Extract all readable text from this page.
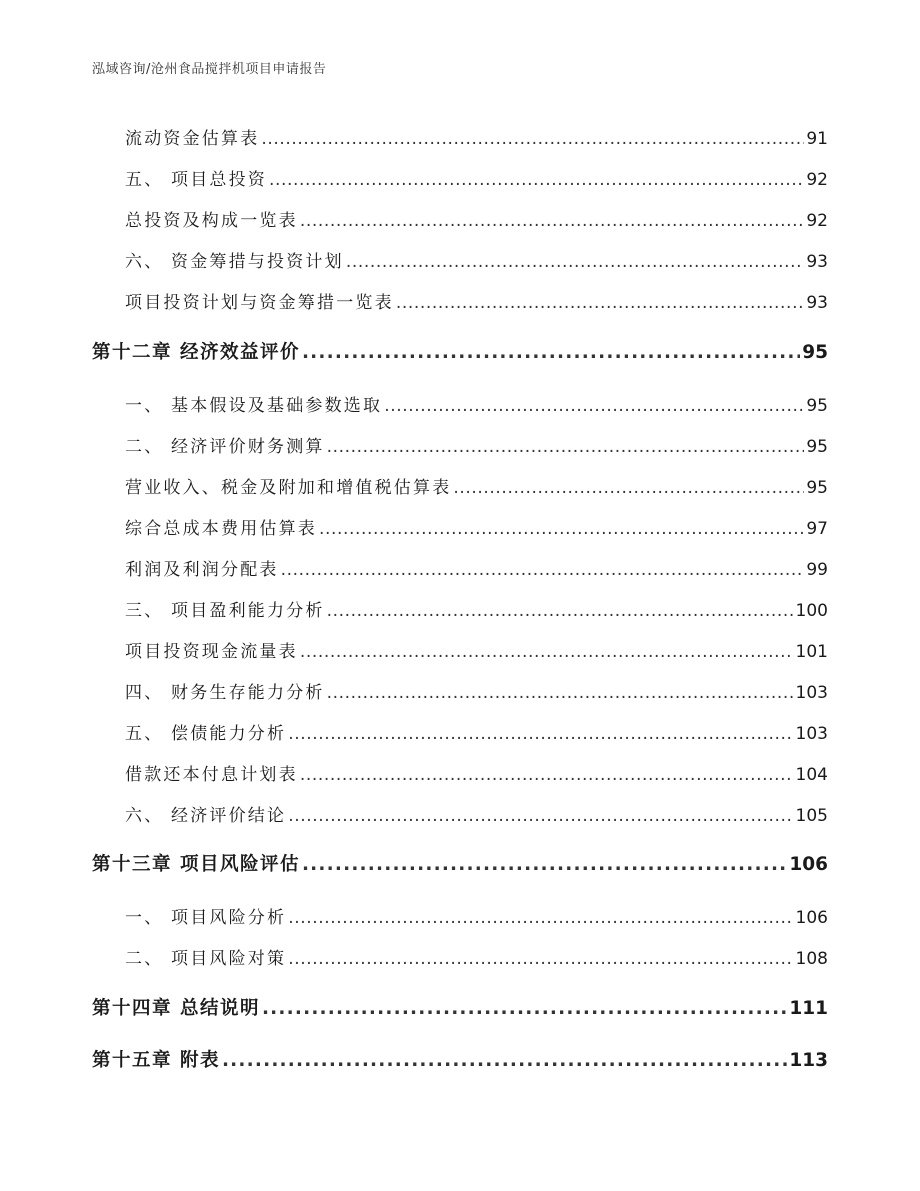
泓域咨询/沧州食品搅拌机项目申请报告
流动资金估算表 .....	91
五、 项目总投资 .....	92
总投资及构成一览表 .....	92
六、 资金筹措与投资计划 .....	93
项目投资计划与资金筹措一览表 .....	93
第十二章 经济效益评价 .....	95
一、 基本假设及基础参数选取 .....	95
二、 经济评价财务测算 .....	95
营业收入、税金及附加和增值税估算表 .....	95
综合总成本费用估算表 .....	97
利润及利润分配表 .....	99
三、 项目盈利能力分析 .....	100
项目投资现金流量表 .....	101
四、 财务生存能力分析 .....	103
五、 偿债能力分析 .....	103
借款还本付息计划表 .....	104
六、 经济评价结论 .....	105
第十三章 项目风险评估 .....	106
一、 项目风险分析 .....	106
二、 项目风险对策 .....	108
第十四章 总结说明 .....	111
第十五章 附表 .....	113
